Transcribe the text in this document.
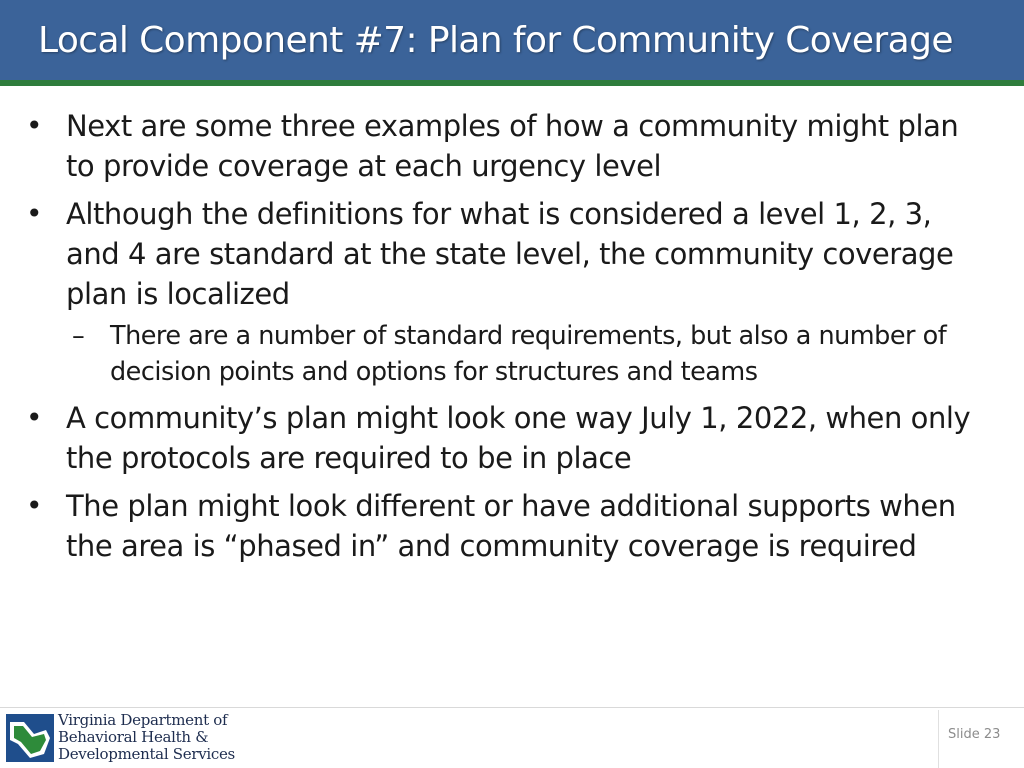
Local Component #7: Plan for Community Coverage
• Next are some three examples of how a community might plan to provide coverage at each urgency level
• Although the definitions for what is considered a level 1, 2, 3, and 4 are standard at the state level, the community coverage plan is localized
– There are a number of standard requirements, but also a number of decision points and options for structures and teams
• A community’s plan might look one way July 1, 2022, when only the protocols are required to be in place
• The plan might look different or have additional supports when the area is “phased in” and community coverage is required
Virginia Department of
Behavioral Health &
Developmental Services
Slide 23
